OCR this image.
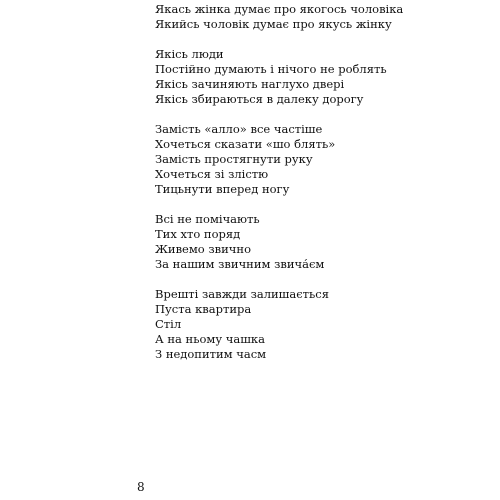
Якась жінка думає про якогось чоловіка
Якийсь чоловік думає про якусь жінку
Якісь люди
Постійно думають і нічого не роблять
Якісь зачиняють наглухо двері
Якісь збираються в далеку дорогу
Замість «алло» все частіше
Хочеться сказати «шо блять»
Замість простягнути руку
Хочеться зі злістю
Тицьнути вперед ногу
Всі не помічають
Тих хто поряд
Живемо звично
За нашим звичним звича́єм
Врешті завжди залишається
Пуста квартира
Стіл
А на ньому чашка
З недопитим часм
8
